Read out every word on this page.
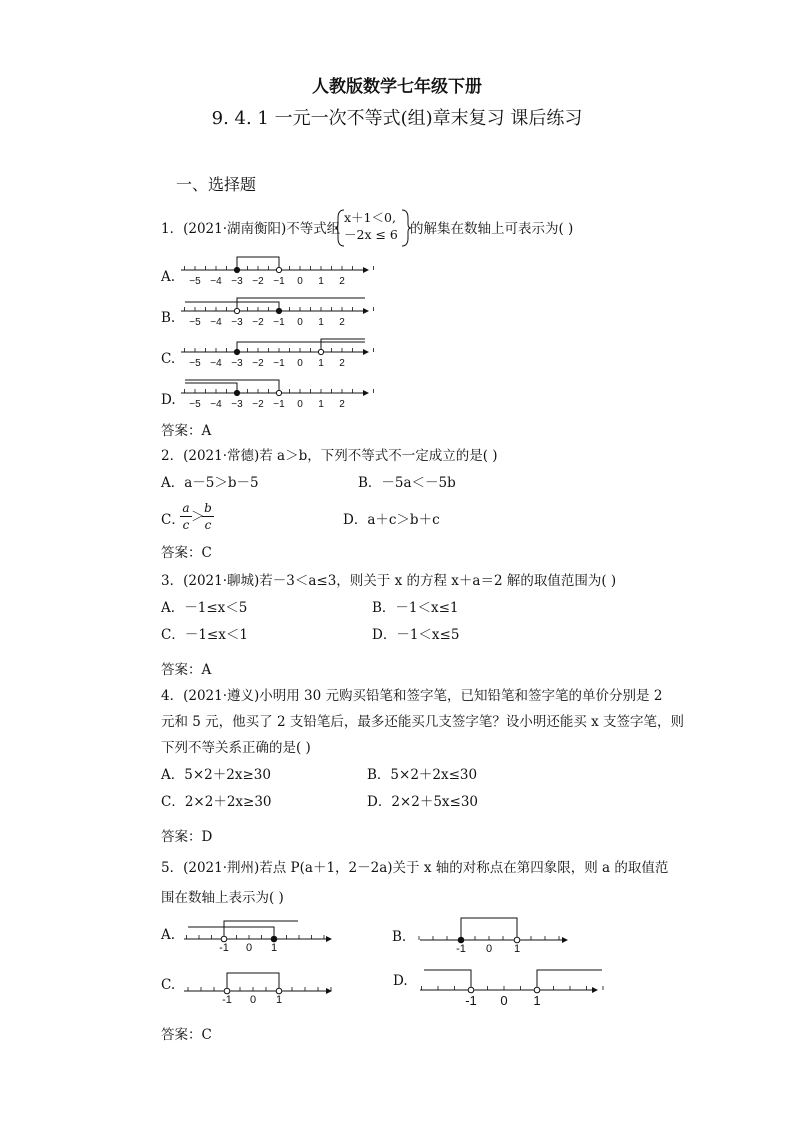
人教版数学七年级下册
9. 4. 1 一元一次不等式(组)章末复习 课后练习
一、选择题
1．(2021·湖南衡阳)不等式组
x＋1＜0,
－2x ≤ 6 的解集在数轴上可表示为( )
A.
B.
C.
D.
−5 −4 −3 −2 −1 0 1 2
−5 −4 −3 −2 −1 0 1 2
−5 −4 −3 −2 −1 0 1 2
−5 −4 −3 −2 −1 0 1 2
答案：A
2．(2021·常德)若 a＞b，下列不等式不一定成立的是( )
A．a－5＞b－5	B．－5a＜－5b
C．
a
c ＞
b
c	D．a＋c＞b＋c
答案：C
3．(2021·聊城)若－3＜a≤3，则关于 x 的方程 x＋a＝2 解的取值范围为( )
A．－1≤x＜5	B．－1＜x≤1
C．－1≤x＜1	D．－1＜x≤5
答案：A
4．(2021·遵义)小明用 30 元购买铅笔和签字笔，已知铅笔和签字笔的单价分别是 2
元和 5 元，他买了 2 支铅笔后，最多还能买几支签字笔？设小明还能买 x 支签字笔，则
下列不等关系正确的是( )
A．5×2＋2x≥30	B．5×2＋2x≤30
C．2×2＋2x≥30	D．2×2＋5x≤30
答案：D
5．(2021·荆州)若点 P(a＋1，2－2a)关于 x 轴的对称点在第四象限，则 a 的取值范
围在数轴上表示为( )
A.	B.
C.	D.
-1 0 1	-1 0 1
-1 0 1	-1 0 1
答案：C
